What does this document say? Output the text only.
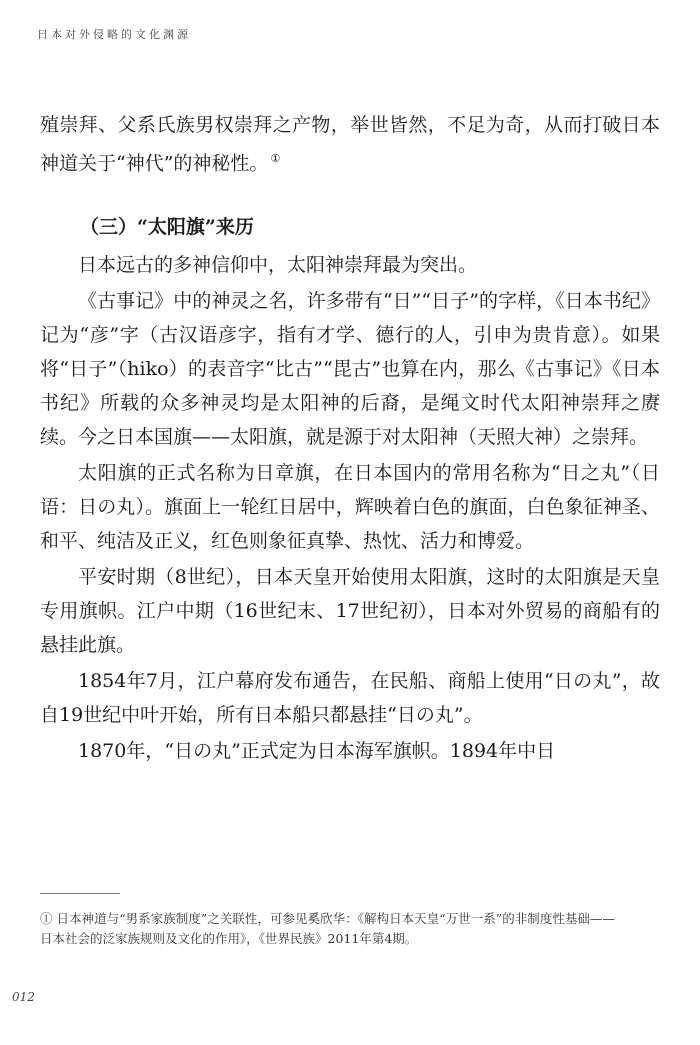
日本对外侵略的文化渊源

殖崇拜、父系氏族男权崇拜之产物，举世皆然，不足为奇，从而打破日本神道关于“神代”的神秘性。 ①

（三）“太阳旗”来历

日本远古的多神信仰中，太阳神崇拜最为突出。

《古事记》中的神灵之名，许多带有“日”“日子”的字样，《日本书纪》记为“彦”字（古汉语彦字，指有才学、德行的人，引申为贵肯意）。如果将“日子”（hiko）的表音字“比古”“毘古”也算在内，那么《古事记》《日本书纪》所载的众多神灵均是太阳神的后裔，是绳文时代太阳神崇拜之赓续。今之日本国旗——太阳旗，就是源于对太阳神（天照大神）之崇拜。

太阳旗的正式名称为日章旗，在日本国内的常用名称为“日之丸”（日语：日の丸）。旗面上一轮红日居中，辉映着白色的旗面，白色象征神圣、和平、纯洁及正义，红色则象征真挚、热忱、活力和博爱。

平安时期（8世纪），日本天皇开始使用太阳旗，这时的太阳旗是天皇专用旗帜。江户中期（16世纪末、17世纪初），日本对外贸易的商船有的悬挂此旗。

1854年7月，江户幕府发布通告，在民船、商船上使用“日の丸”，故自19世纪中叶开始，所有日本船只都悬挂“日の丸”。

1870年，“日の丸”正式定为日本海军旗帜。1894年中日

① 日本神道与“男系家族制度”之关联性，可参见奚欣华：《解构日本天皇“万世一系”的非制度性基础——日本社会的泛家族规则及文化的作用》，《世界民族》2011年第4期。
012
